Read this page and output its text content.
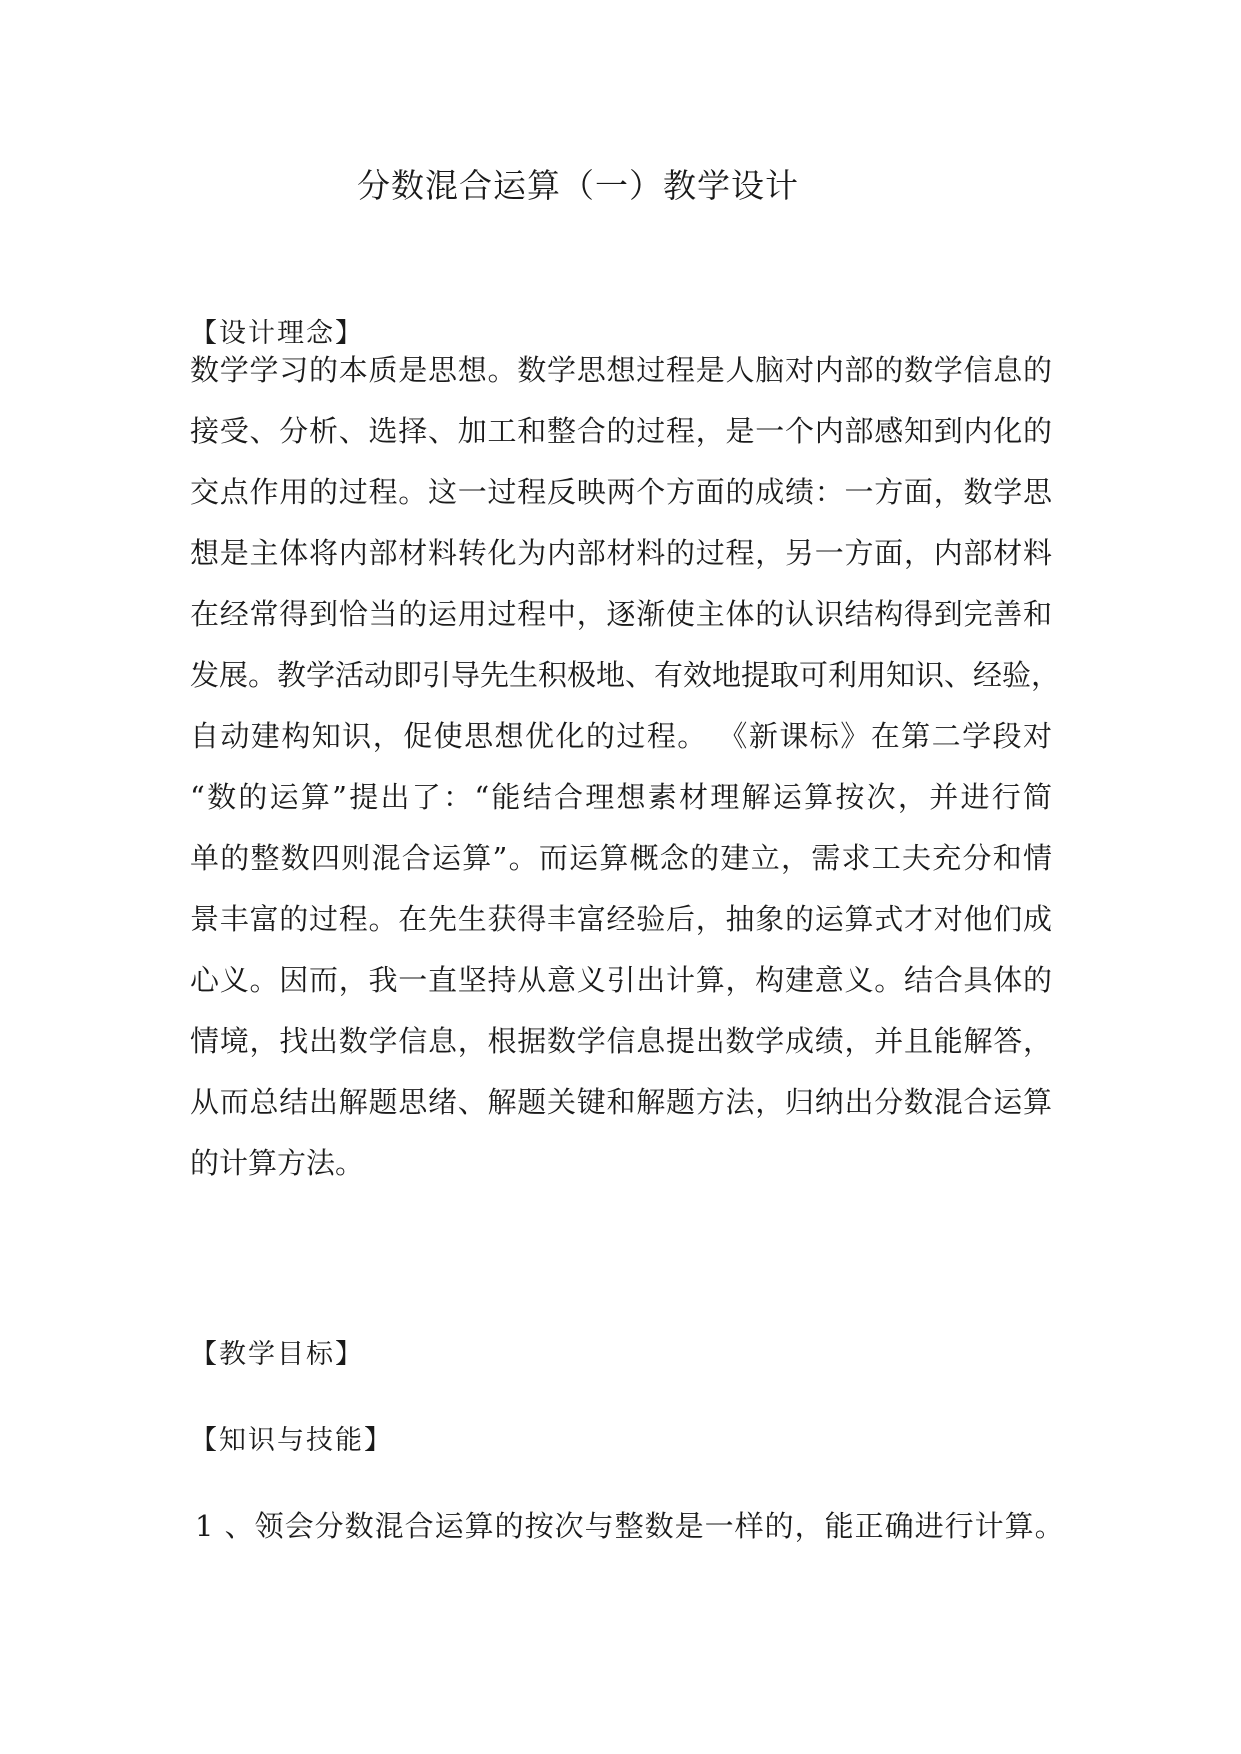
分数混合运算（一）教学设计
【设计理念】
数学学习的本质是思想。数学思想过程是人脑对内部的数学信息的
接受、分析、选择、加工和整合的过程，是一个内部感知到内化的
交点作用的过程。这一过程反映两个方面的成绩：一方面，数学思
想是主体将内部材料转化为内部材料的过程，另一方面，内部材料
在经常得到恰当的运用过程中，逐渐使主体的认识结构得到完善和
发展。教学活动即引导先生积极地、有效地提取可利用知识、经验，
自动建构知识，促使思想优化的过程。 《新课标》在第二学段对
“数的运算”提出了：“能结合理想素材理解运算按次，并进行简
单的整数四则混合运算”。而运算概念的建立，需求工夫充分和情
景丰富的过程。在先生获得丰富经验后，抽象的运算式才对他们成
心义。因而，我一直坚持从意义引出计算，构建意义。结合具体的
情境，找出数学信息，根据数学信息提出数学成绩，并且能解答，
从而总结出解题思绪、解题关键和解题方法，归纳出分数混合运算
的计算方法。
【教学目标】
【知识与技能】
1 、领会分数混合运算的按次与整数是一样的，能正确进行计算。
